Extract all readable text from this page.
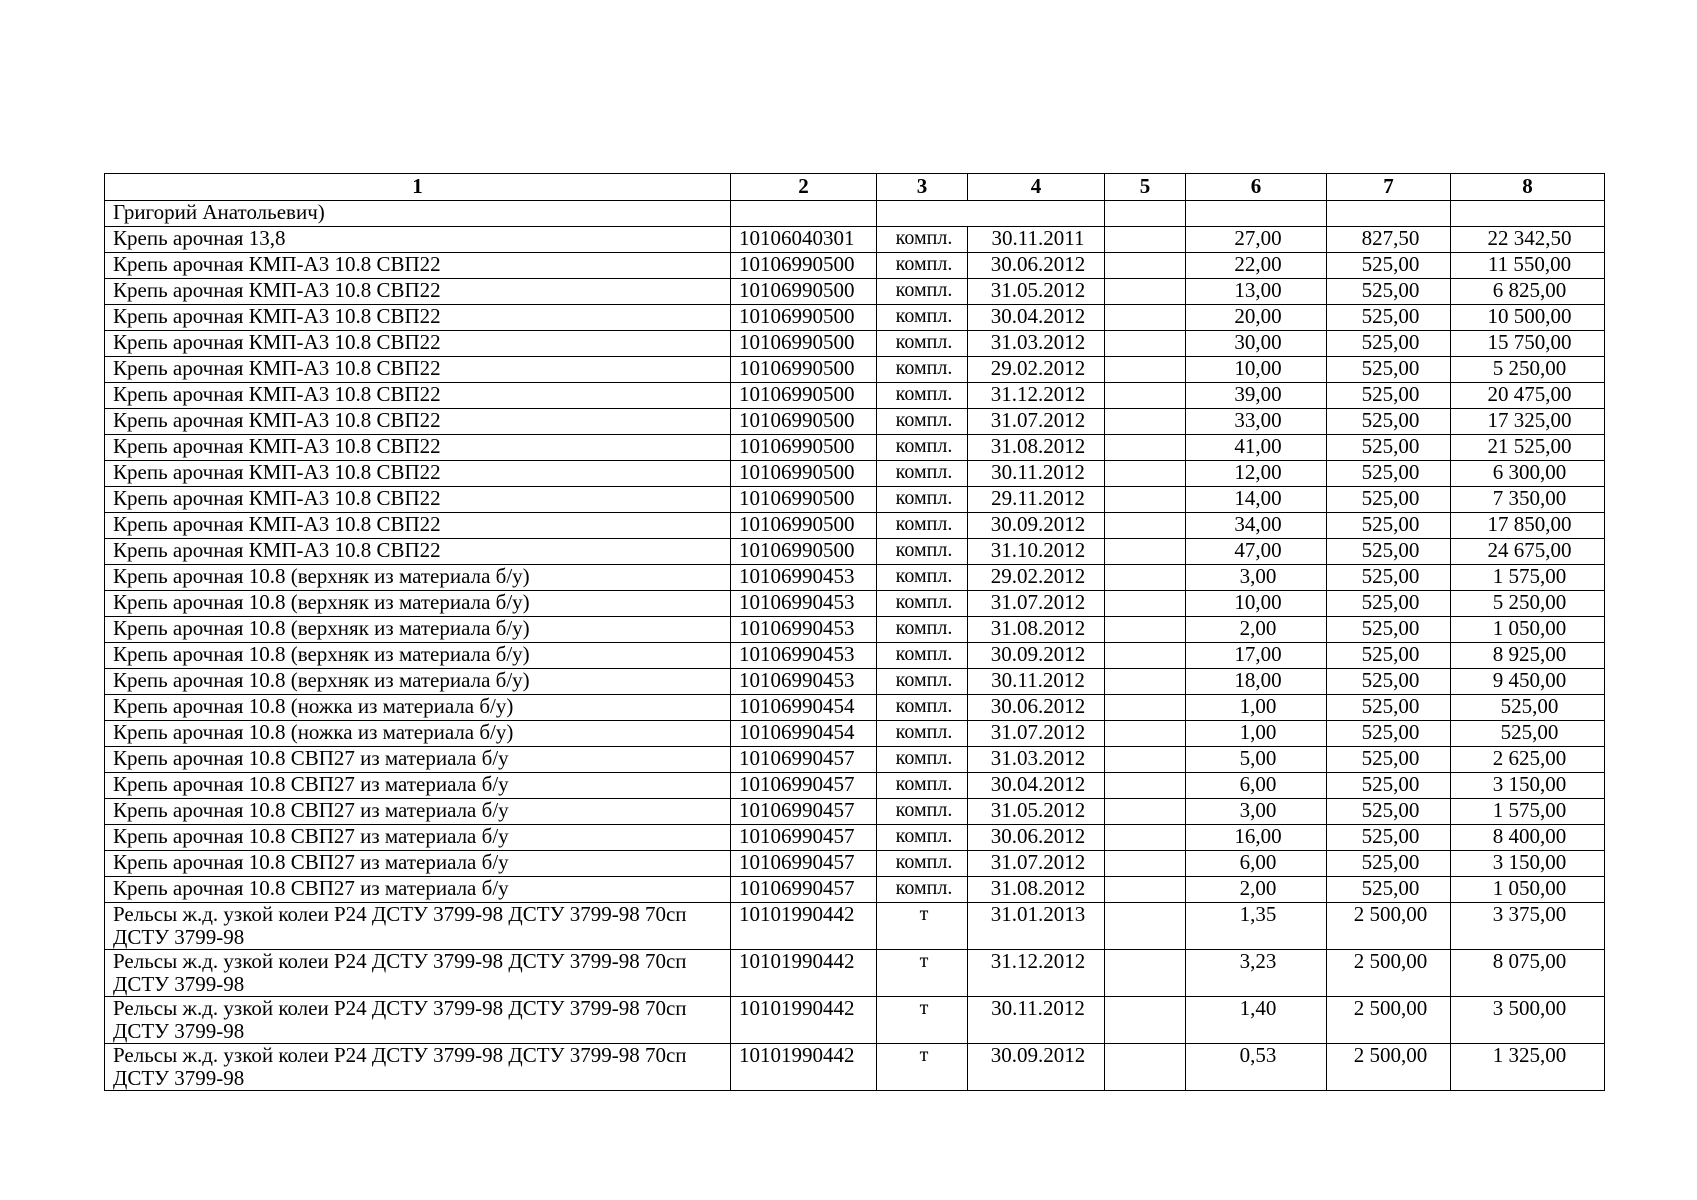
1	2	3	4	5	6	7	8
Григорий Анатольевич)							
Крепь арочная 13,8	10106040301	компл.	30.11.2011		27,00	827,50	22 342,50
Крепь арочная КМП-А3 10.8 СВП22	10106990500	компл.	30.06.2012		22,00	525,00	11 550,00
Крепь арочная КМП-А3 10.8 СВП22	10106990500	компл.	31.05.2012		13,00	525,00	6 825,00
Крепь арочная КМП-А3 10.8 СВП22	10106990500	компл.	30.04.2012		20,00	525,00	10 500,00
Крепь арочная КМП-А3 10.8 СВП22	10106990500	компл.	31.03.2012		30,00	525,00	15 750,00
Крепь арочная КМП-А3 10.8 СВП22	10106990500	компл.	29.02.2012		10,00	525,00	5 250,00
Крепь арочная КМП-А3 10.8 СВП22	10106990500	компл.	31.12.2012		39,00	525,00	20 475,00
Крепь арочная КМП-А3 10.8 СВП22	10106990500	компл.	31.07.2012		33,00	525,00	17 325,00
Крепь арочная КМП-А3 10.8 СВП22	10106990500	компл.	31.08.2012		41,00	525,00	21 525,00
Крепь арочная КМП-А3 10.8 СВП22	10106990500	компл.	30.11.2012		12,00	525,00	6 300,00
Крепь арочная КМП-А3 10.8 СВП22	10106990500	компл.	29.11.2012		14,00	525,00	7 350,00
Крепь арочная КМП-А3 10.8 СВП22	10106990500	компл.	30.09.2012		34,00	525,00	17 850,00
Крепь арочная КМП-А3 10.8 СВП22	10106990500	компл.	31.10.2012		47,00	525,00	24 675,00
Крепь арочная 10.8 (верхняк из материала б/у)	10106990453	компл.	29.02.2012		3,00	525,00	1 575,00
Крепь арочная 10.8 (верхняк из материала б/у)	10106990453	компл.	31.07.2012		10,00	525,00	5 250,00
Крепь арочная 10.8 (верхняк из материала б/у)	10106990453	компл.	31.08.2012		2,00	525,00	1 050,00
Крепь арочная 10.8 (верхняк из материала б/у)	10106990453	компл.	30.09.2012		17,00	525,00	8 925,00
Крепь арочная 10.8 (верхняк из материала б/у)	10106990453	компл.	30.11.2012		18,00	525,00	9 450,00
Крепь арочная 10.8 (ножка из материала б/у)	10106990454	компл.	30.06.2012		1,00	525,00	525,00
Крепь арочная 10.8 (ножка из материала б/у)	10106990454	компл.	31.07.2012		1,00	525,00	525,00
Крепь арочная 10.8 СВП27 из материала б/у	10106990457	компл.	31.03.2012		5,00	525,00	2 625,00
Крепь арочная 10.8 СВП27 из материала б/у	10106990457	компл.	30.04.2012		6,00	525,00	3 150,00
Крепь арочная 10.8 СВП27 из материала б/у	10106990457	компл.	31.05.2012		3,00	525,00	1 575,00
Крепь арочная 10.8 СВП27 из материала б/у	10106990457	компл.	30.06.2012		16,00	525,00	8 400,00
Крепь арочная 10.8 СВП27 из материала б/у	10106990457	компл.	31.07.2012		6,00	525,00	3 150,00
Крепь арочная 10.8 СВП27 из материала б/у	10106990457	компл.	31.08.2012		2,00	525,00	1 050,00
Рельсы ж.д. узкой колеи Р24 ДСТУ 3799-98 ДСТУ 3799-98 70сп ДСТУ 3799-98	10101990442	т	31.01.2013		1,35	2 500,00	3 375,00
Рельсы ж.д. узкой колеи Р24 ДСТУ 3799-98 ДСТУ 3799-98 70сп ДСТУ 3799-98	10101990442	т	31.12.2012		3,23	2 500,00	8 075,00
Рельсы ж.д. узкой колеи Р24 ДСТУ 3799-98 ДСТУ 3799-98 70сп ДСТУ 3799-98	10101990442	т	30.11.2012		1,40	2 500,00	3 500,00
Рельсы ж.д. узкой колеи Р24 ДСТУ 3799-98 ДСТУ 3799-98 70сп ДСТУ 3799-98	10101990442	т	30.09.2012		0,53	2 500,00	1 325,00
